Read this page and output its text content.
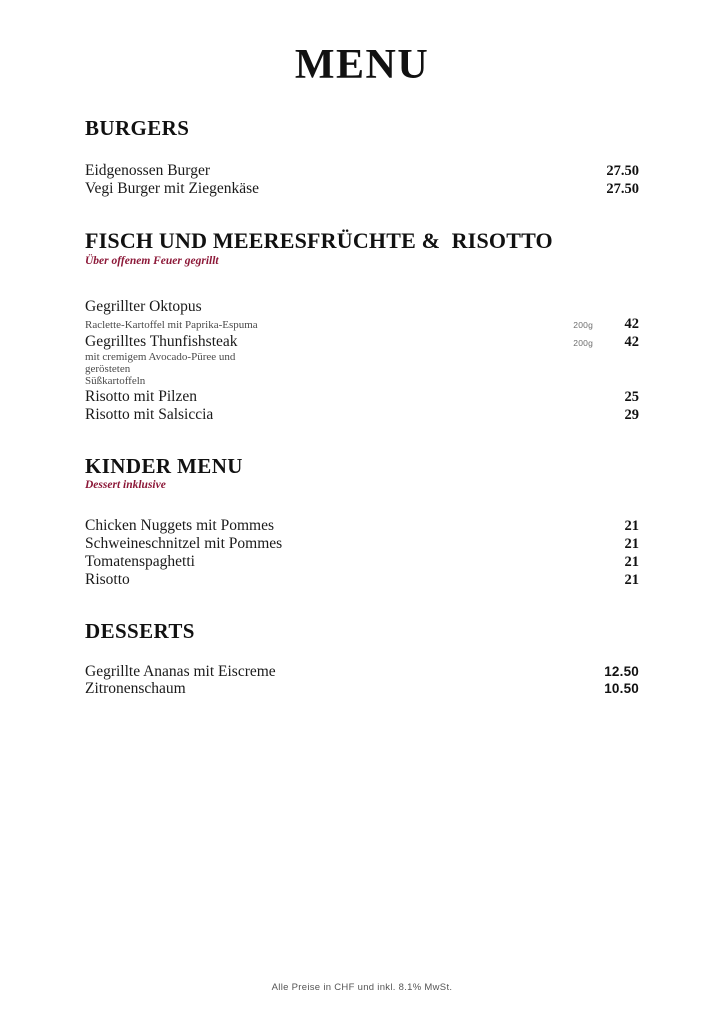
MENU
BURGERS
Eidgenossen Burger	27.50
Vegi Burger mit Ziegenkäse	27.50
FISCH UND MEERESFRÜCHTE &  RISOTTO
Über offenem Feuer gegrillt
Gegrillter Oktopus
Raclette-Kartoffel mit Paprika-Espuma	200g	42
Gegrilltes Thunfishsteak	200g	42
mit cremigem Avocado-Püree und
gerösteten
Süßkartoffeln
Risotto mit Pilzen	25
Risotto mit Salsiccia	29
KINDER MENU
Dessert inklusive
Chicken Nuggets mit Pommes	21
Schweineschnitzel mit Pommes	21
Tomatenspaghetti	21
Risotto	21
DESSERTS
Gegrillte Ananas mit Eiscreme	12.50
Zitronenschaum	10.50
Alle Preise in CHF und inkl. 8.1% MwSt.
